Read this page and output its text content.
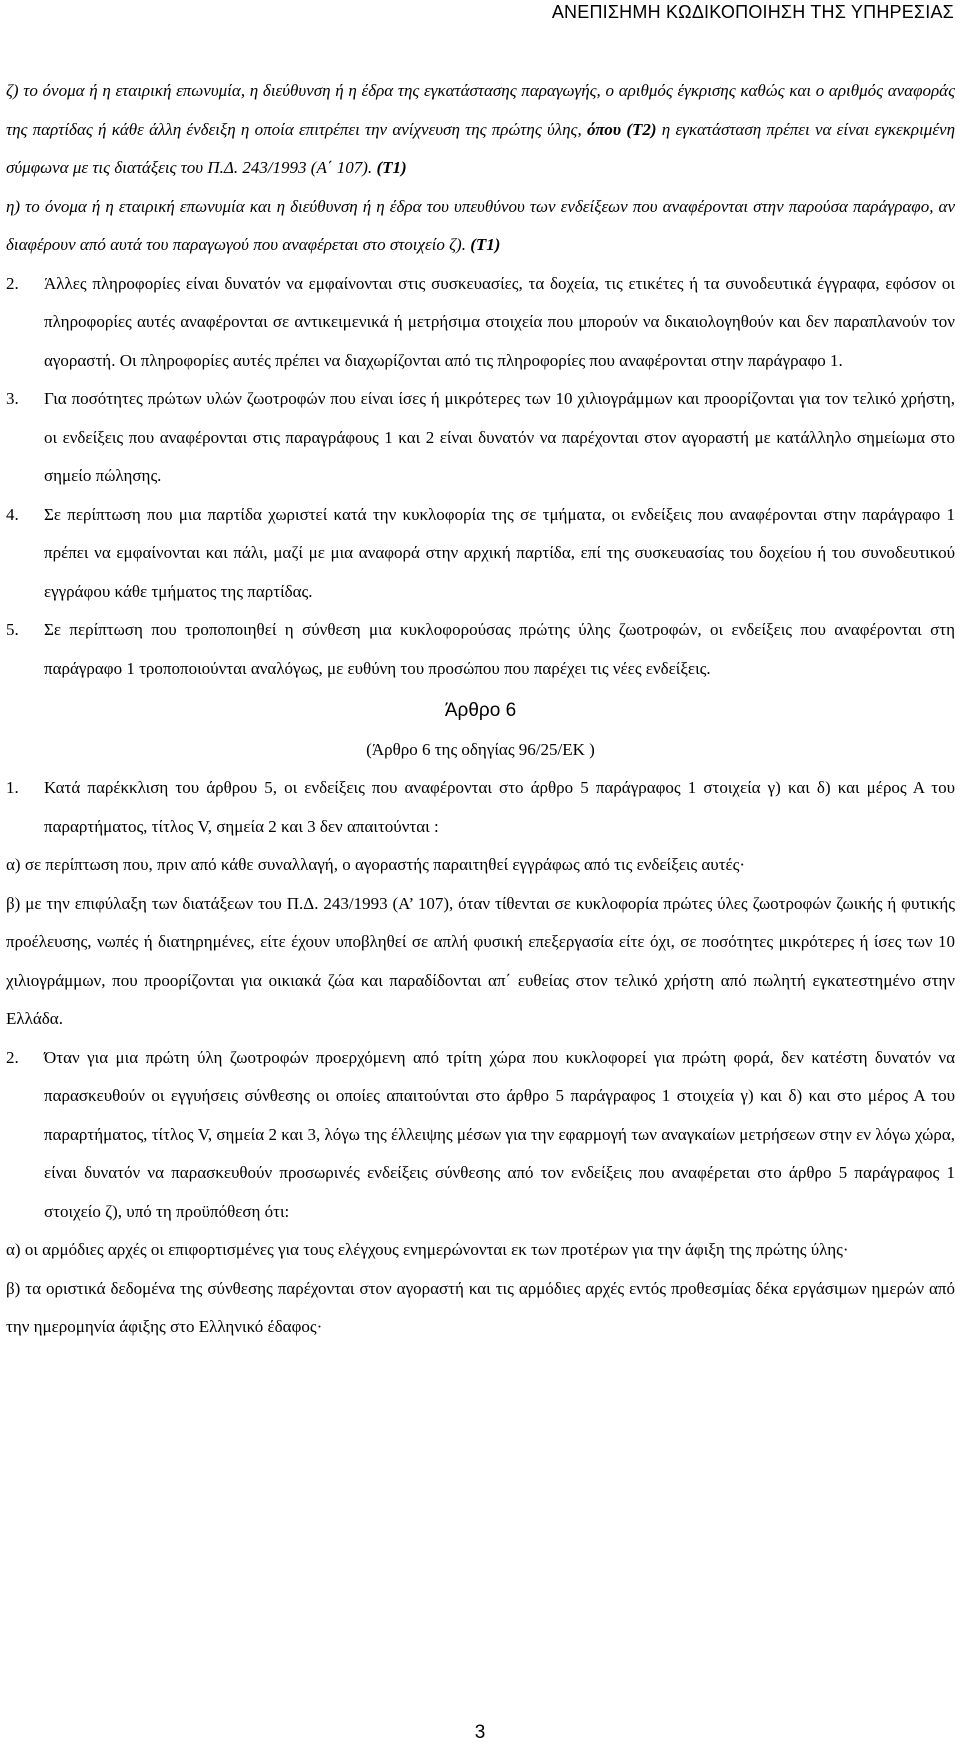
ΑΝΕΠΙΣΗΜΗ ΚΩΔΙΚΟΠΟΙΗΣΗ ΤΗΣ ΥΠΗΡΕΣΙΑΣ

ζ) το όνομα ή η εταιρική επωνυμία, η διεύθυνση ή η έδρα της εγκατάστασης παραγωγής, ο αριθμός έγκρισης καθώς και ο αριθμός αναφοράς της παρτίδας ή κάθε άλλη ένδειξη η οποία επιτρέπει την ανίχνευση της πρώτης ύλης, όπου (Τ2) η εγκατάσταση πρέπει να είναι εγκεκριμένη σύμφωνα με τις διατάξεις του Π.Δ. 243/1993 (Α΄ 107). (Τ1)

η) το όνομα ή η εταιρική επωνυμία και η διεύθυνση ή η έδρα του υπευθύνου των ενδείξεων που αναφέρονται στην παρούσα παράγραφο, αν διαφέρουν από αυτά του παραγωγού που αναφέρεται στο στοιχείο ζ). (Τ1)

2. Άλλες πληροφορίες είναι δυνατόν να εμφαίνονται στις συσκευασίες, τα δοχεία, τις ετικέτες ή τα συνοδευτικά έγγραφα, εφόσον οι πληροφορίες αυτές αναφέρονται σε αντικειμενικά ή μετρήσιμα στοιχεία που μπορούν να δικαιολογηθούν και δεν παραπλανούν τον αγοραστή. Οι πληροφορίες αυτές πρέπει να διαχωρίζονται από τις πληροφορίες που αναφέρονται στην παράγραφο 1.
3. Για ποσότητες πρώτων υλών ζωοτροφών που είναι ίσες ή μικρότερες των 10 χιλιογράμμων και προορίζονται για τον τελικό χρήστη, οι ενδείξεις που αναφέρονται στις παραγράφους 1 και 2 είναι δυνατόν να παρέχονται στον αγοραστή με κατάλληλο σημείωμα στο σημείο πώλησης.
4. Σε περίπτωση που μια παρτίδα χωριστεί κατά την κυκλοφορία της σε τμήματα, οι ενδείξεις που αναφέρονται στην παράγραφο 1 πρέπει να εμφαίνονται και πάλι, μαζί με μια αναφορά στην αρχική παρτίδα, επί της συσκευασίας του δοχείου ή του συνοδευτικού εγγράφου κάθε τμήματος της παρτίδας.
5. Σε περίπτωση που τροποποιηθεί η σύνθεση μια κυκλοφορούσας πρώτης ύλης ζωοτροφών, οι ενδείξεις που αναφέρονται στη παράγραφο 1 τροποποιούνται αναλόγως, με ευθύνη του προσώπου που παρέχει τις νέες ενδείξεις.
Άρθρο 6
(Άρθρο 6 της οδηγίας 96/25/ΕΚ )
1. Κατά παρέκκλιση του άρθρου 5, οι ενδείξεις που αναφέρονται στο άρθρο 5 παράγραφος 1 στοιχεία γ) και δ) και μέρος Α του παραρτήματος, τίτλος V, σημεία 2 και 3 δεν απαιτούνται :

α) σε περίπτωση που, πριν από κάθε συναλλαγή, ο αγοραστής παραιτηθεί εγγράφως από τις ενδείξεις αυτές·

β) με την επιφύλαξη των διατάξεων του Π.Δ. 243/1993 (Α’ 107), όταν τίθενται σε κυκλοφορία πρώτες ύλες ζωοτροφών ζωικής ή φυτικής προέλευσης, νωπές ή διατηρημένες, είτε έχουν υποβληθεί σε απλή φυσική επεξεργασία είτε όχι, σε ποσότητες μικρότερες ή ίσες των 10 χιλιογράμμων, που προορίζονται για οικιακά ζώα και παραδίδονται απ΄ ευθείας στον τελικό χρήστη από πωλητή εγκατεστημένο στην Ελλάδα.

2. Όταν για μια πρώτη ύλη ζωοτροφών προερχόμενη από τρίτη χώρα που κυκλοφορεί για πρώτη φορά, δεν κατέστη δυνατόν να παρασκευθούν οι εγγυήσεις σύνθεσης οι οποίες απαιτούνται στο άρθρο 5 παράγραφος 1 στοιχεία γ) και δ) και στο μέρος Α του παραρτήματος, τίτλος V, σημεία 2 και 3, λόγω της έλλειψης μέσων για την εφαρμογή των αναγκαίων μετρήσεων στην εν λόγω χώρα, είναι δυνατόν να παρασκευθούν προσωρινές ενδείξεις σύνθεσης από τον ενδείξεις που αναφέρεται στο άρθρο 5 παράγραφος 1 στοιχείο ζ), υπό τη προϋπόθεση ότι:

α) οι αρμόδιες αρχές οι επιφορτισμένες για τους ελέγχους ενημερώνονται εκ των προτέρων για την άφιξη της πρώτης ύλης·

β) τα οριστικά δεδομένα της σύνθεσης παρέχονται στον αγοραστή και τις αρμόδιες αρχές εντός προθεσμίας δέκα εργάσιμων ημερών από την ημερομηνία άφιξης στο Ελληνικό έδαφος·

3
